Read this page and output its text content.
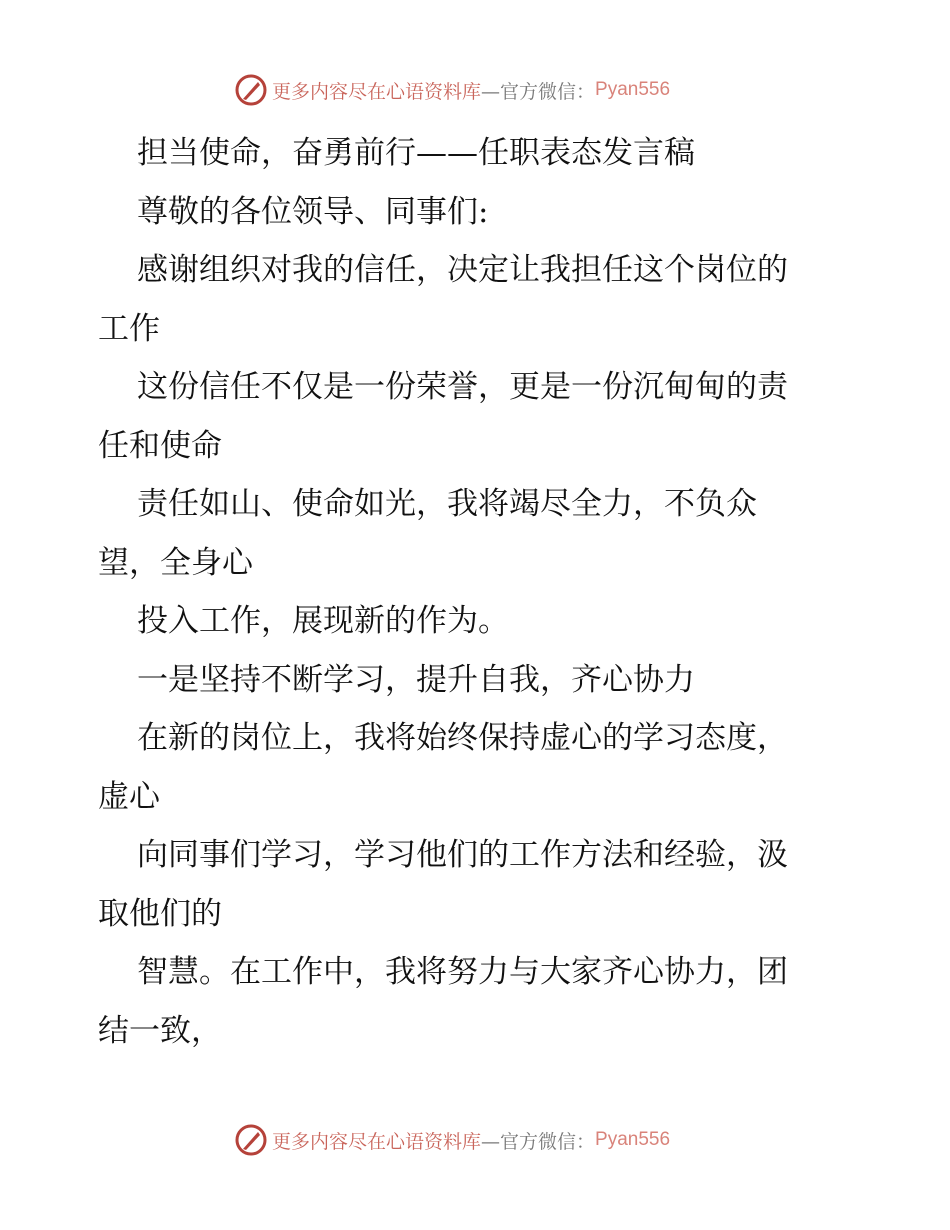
更多内容尽在心语资料库 —官方微信： Pyan556
担当使命，奋勇前行——任职表态发言稿
尊敬的各位领导、同事们:
感谢组织对我的信任，决定让我担任这个岗位的
工作
这份信任不仅是一份荣誉，更是一份沉甸甸的责
任和使命
责任如山、使命如光，我将竭尽全力，不负众
望，全身心
投入工作，展现新的作为。
一是坚持不断学习，提升自我，齐心协力
在新的岗位上，我将始终保持虚心的学习态度，
虚心
向同事们学习，学习他们的工作方法和经验，汲
取他们的
智慧。在工作中，我将努力与大家齐心协力，团
结一致，
更多内容尽在心语资料库 —官方微信： Pyan556
